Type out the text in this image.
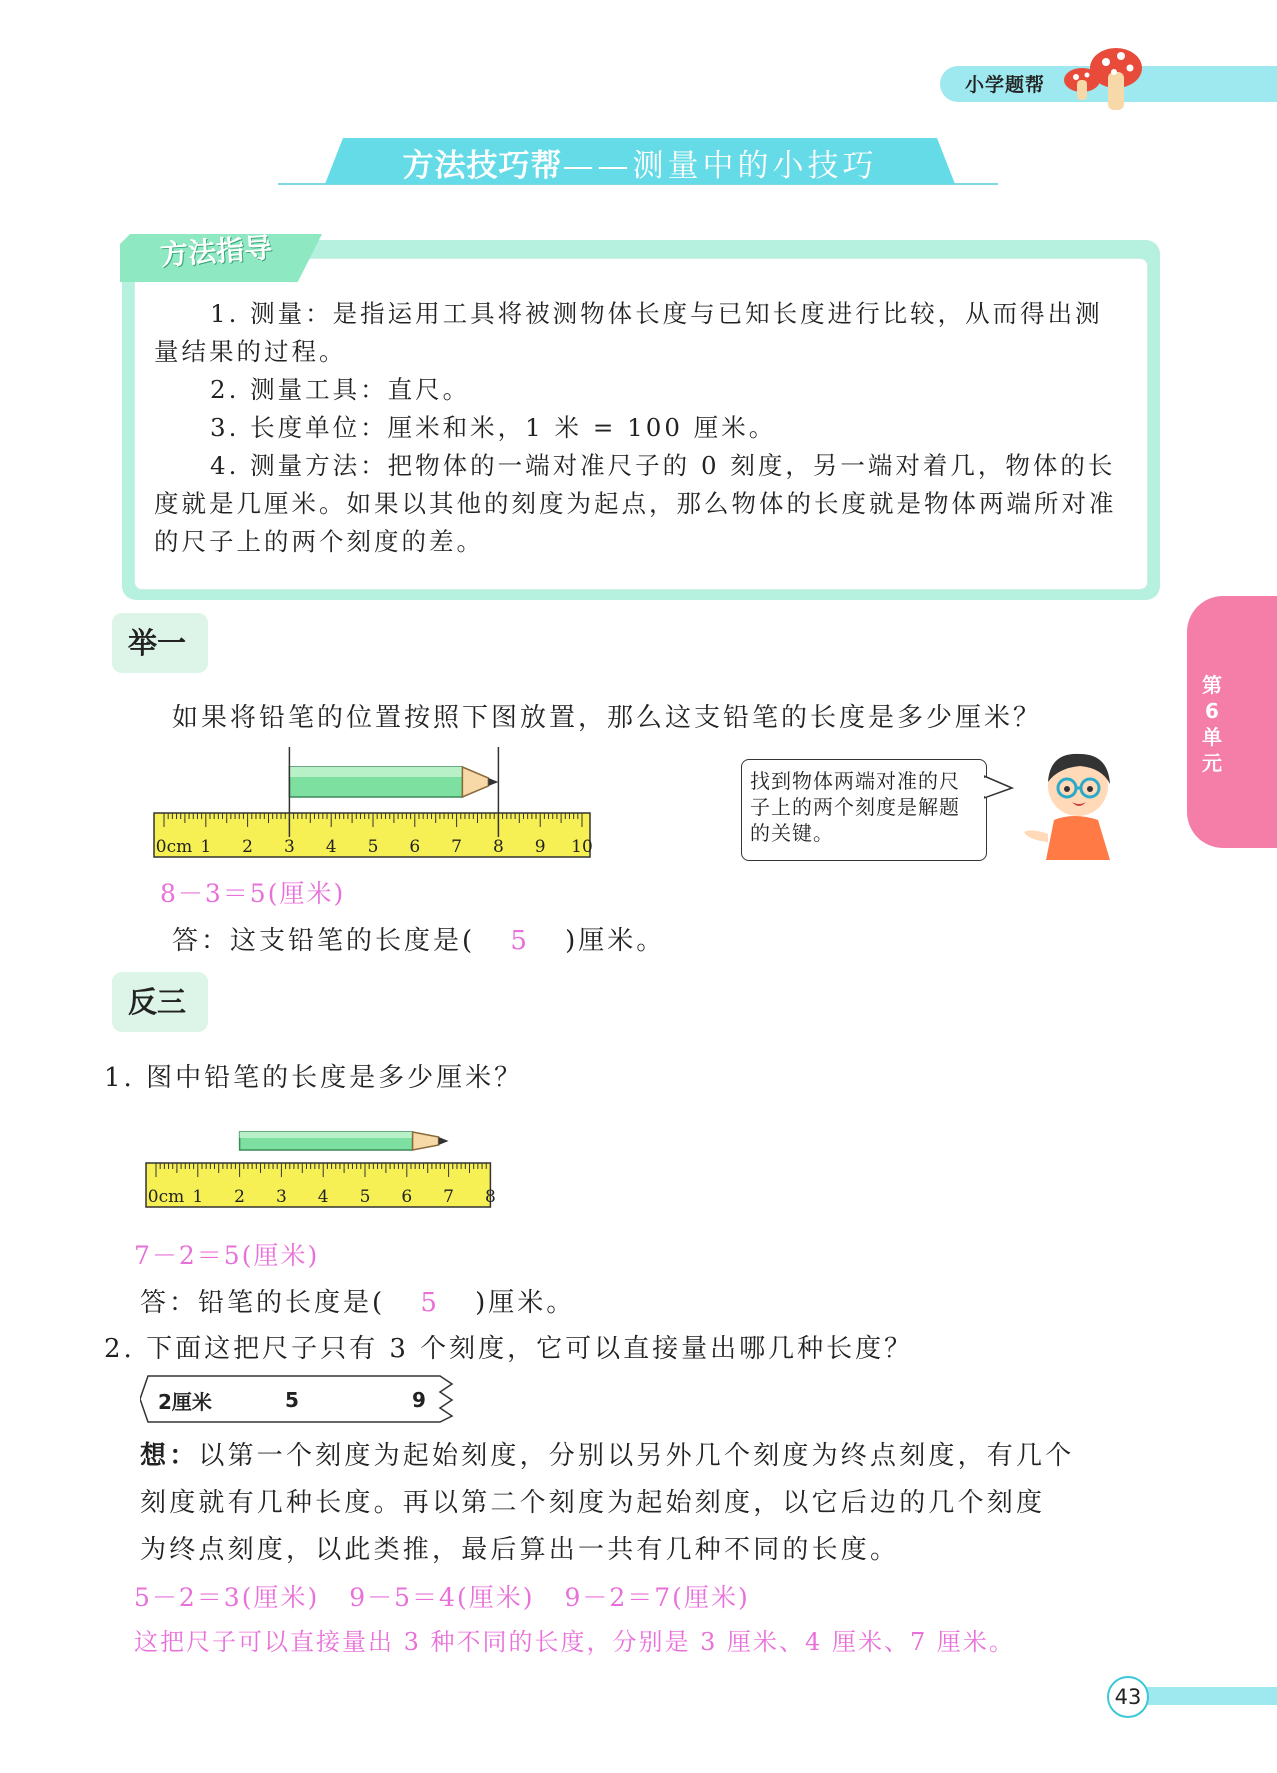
小学题帮
方法技巧帮——测量中的小技巧
方法指导

1. 测量：是指运用工具将被测物体长度与已知长度进行比较，从而得出测量结果的过程。

2. 测量工具：直尺。

3. 长度单位：厘米和米，1 米 = 100 厘米。

4. 测量方法：把物体的一端对准尺子的 0 刻度，另一端对着几，物体的长度就是几厘米。如果以其他的刻度为起点，那么物体的长度就是物体两端所对准的尺子上的两个刻度的差。

第6单元
举一
如果将铅笔的位置按照下图放置，那么这支铅笔的长度是多少厘米？
0cm 1 2 3 4 5 6 7 8 9 10
找到物体两端对准的尺子上的两个刻度是解题的关键。
8－3＝5(厘米)
答：这支铅笔的长度是( 5 )厘米。
反三
1. 图中铅笔的长度是多少厘米？
0cm 1 2 3 4 5 6 7 8
7－2＝5(厘米)
答：铅笔的长度是( 5 )厘米。
2. 下面这把尺子只有 3 个刻度，它可以直接量出哪几种长度？
2厘米	5	9
想：以第一个刻度为起始刻度，分别以另外几个刻度为终点刻度，有几个
刻度就有几种长度。再以第二个刻度为起始刻度，以它后边的几个刻度
为终点刻度，以此类推，最后算出一共有几种不同的长度。
5－2＝3(厘米) 9－5＝4(厘米) 9－2＝7(厘米)
这把尺子可以直接量出 3 种不同的长度，分别是 3 厘米、4 厘米、7 厘米。
43
